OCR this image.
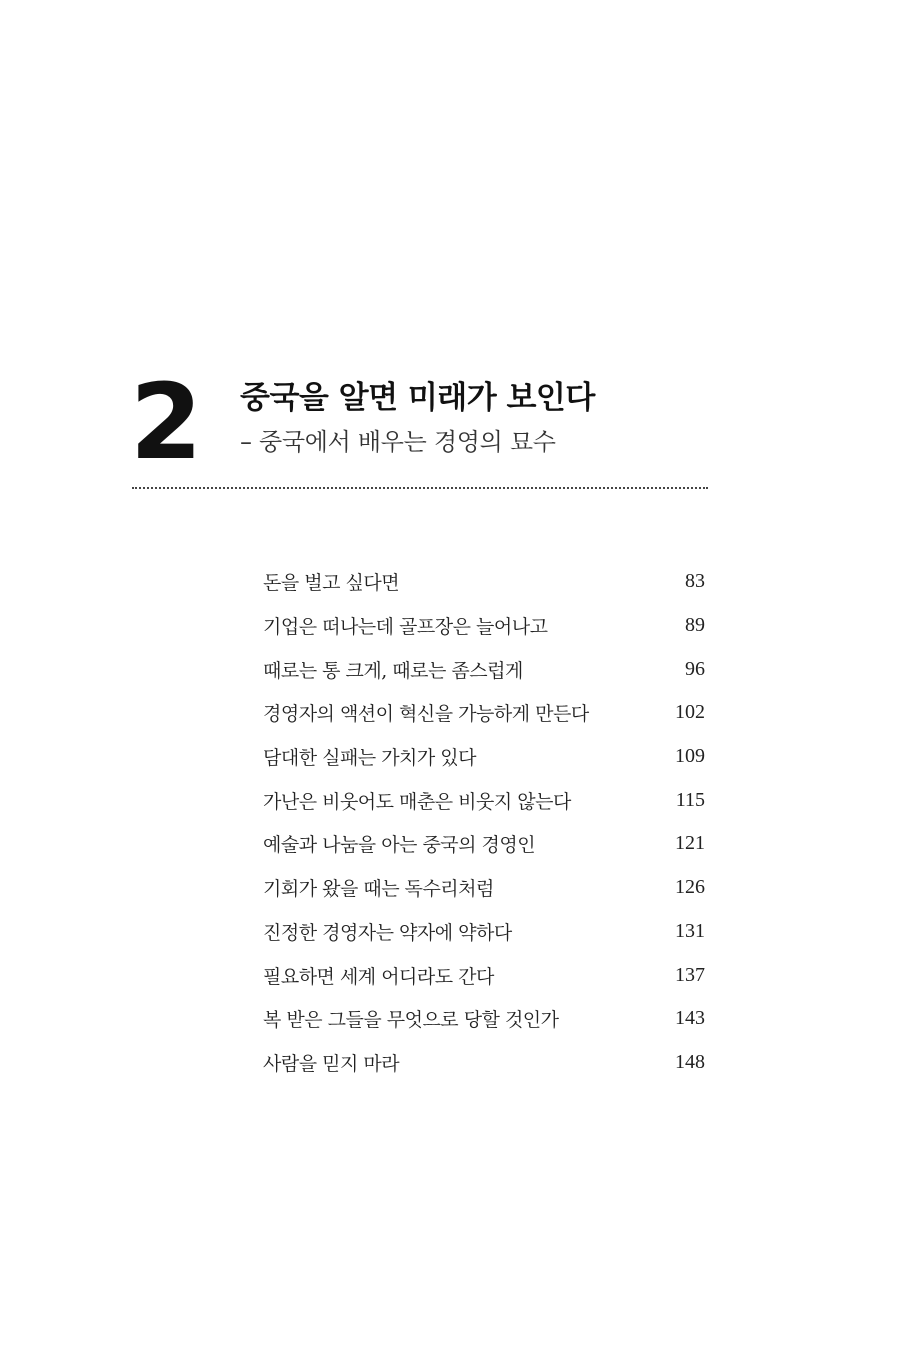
2 중국을 알면 미래가 보인다
– 중국에서 배우는 경영의 묘수
돈을 벌고 싶다면	83
기업은 떠나는데 골프장은 늘어나고	89
때로는 통 크게, 때로는 좀스럽게	96
경영자의 액션이 혁신을 가능하게 만든다	102
담대한 실패는 가치가 있다	109
가난은 비웃어도 매춘은 비웃지 않는다	115
예술과 나눔을 아는 중국의 경영인	121
기회가 왔을 때는 독수리처럼	126
진정한 경영자는 약자에 약하다	131
필요하면 세계 어디라도 간다	137
복 받은 그들을 무엇으로 당할 것인가	143
사람을 믿지 마라	148
